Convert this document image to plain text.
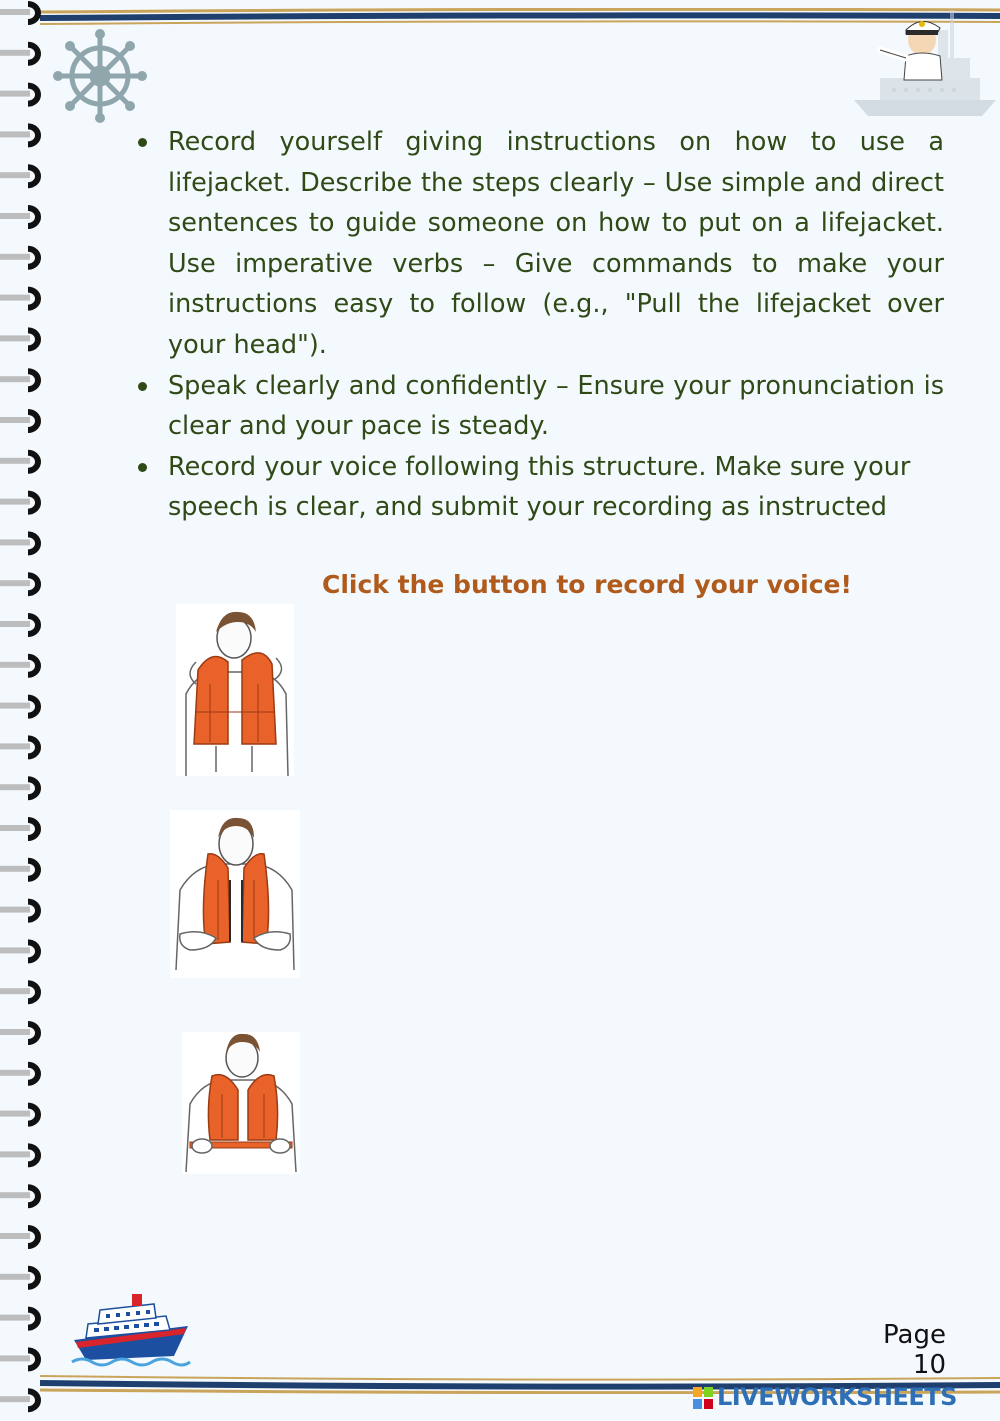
Record yourself giving instructions on how to use a lifejacket. Describe the steps clearly – Use simple and direct sentences to guide someone on how to put on a lifejacket. Use imperative verbs – Give commands to make your instructions easy to follow (e.g., "Pull the lifejacket over your head").
Speak clearly and confidently – Ensure your pronunciation is clear and your pace is steady.
Record your voice following this structure. Make sure your speech is clear, and submit your recording as instructed
Click the button to record your voice!
Page 10
LIVEWORKSHEETS
